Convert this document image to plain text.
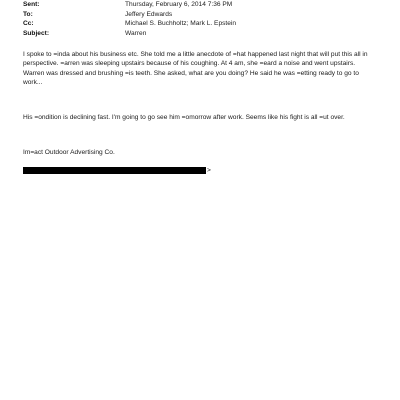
Sent:	Thursday, February 6, 2014 7:36 PM
To:	Jeffery Edwards
Cc:	Michael S. Buchholtz; Mark L. Epstein
Subject:	Warren

I spoke to =inda about his business etc. She told me a little anecdote of =hat happened last night that will put this all in perspective. =arren was sleeping upstairs because of his coughing. At 4 am, she =eard a noise and went upstairs. Warren was dressed and brushing =is teeth. She asked, what are you doing? He said he was =etting ready to go to work...

His =ondition is declining fast. I'm going to go see him =omorrow after work. Seems like his fight is all =ut over.

Im=act Outdoor Advertising Co.

>
